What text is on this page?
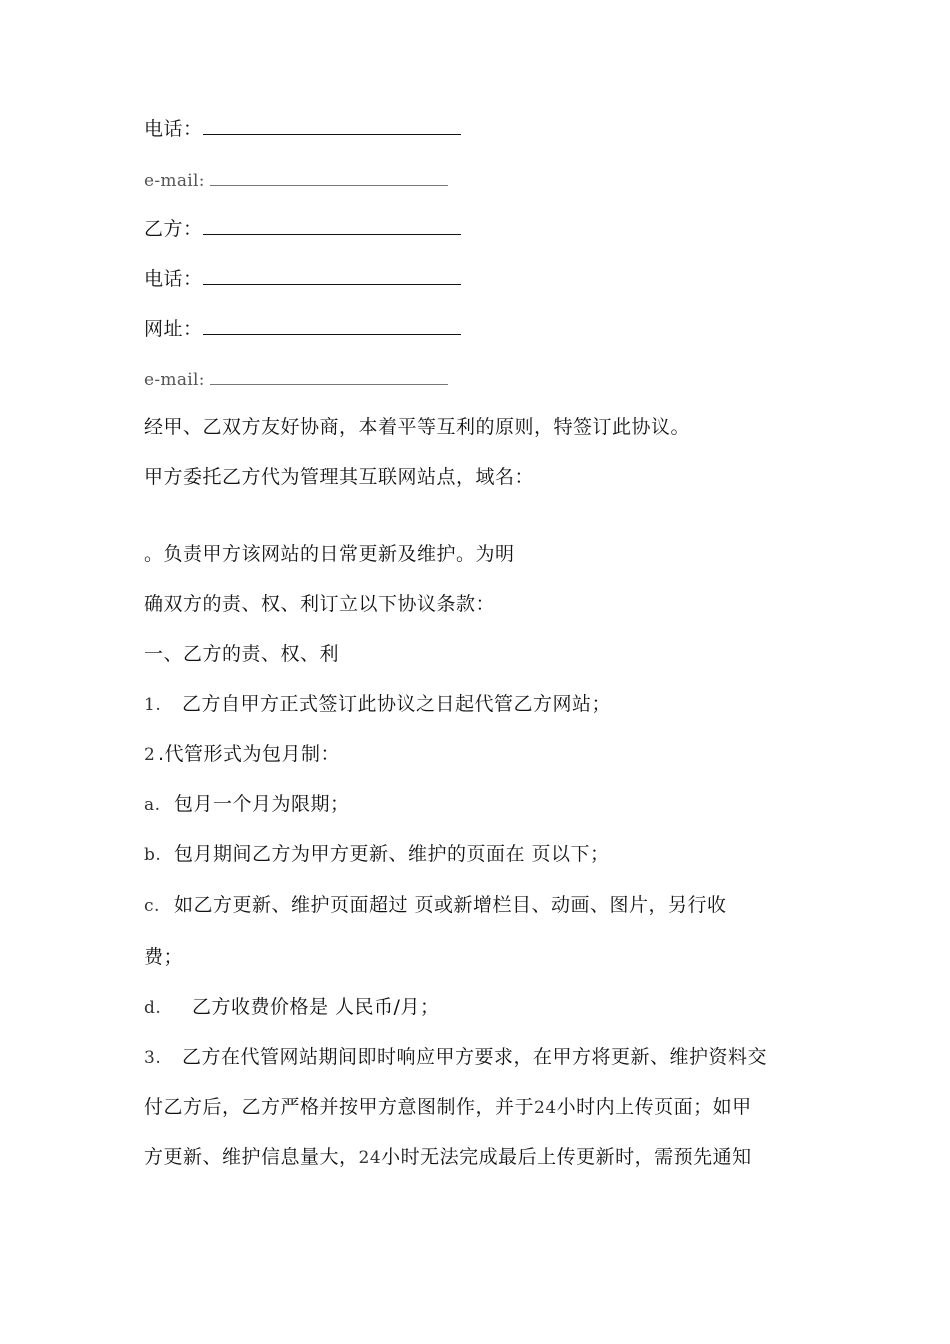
电话：
e-mail:
乙方：
电话：
网址：
e-mail:
经甲、乙双方友好协商，本着平等互利的原则，特签订此协议。
甲方委托乙方代为管理其互联网站点，域名：
。负责甲方该网站的日常更新及维护。为明
确双方的责、权、利订立以下协议条款：
一、乙方的责、权、利
1. 乙方自甲方正式签订此协议之日起代管乙方网站；
2 .代管形式为包月制：
a. 包月一个月为限期；
b. 包月期间乙方为甲方更新、维护的页面在 页以下；
c. 如乙方更新、维护页面超过 页或新增栏目、动画、图片，另行收
费；
d. 乙方收费价格是 人民币/月；
3. 乙方在代管网站期间即时响应甲方要求，在甲方将更新、维护资料交
付乙方后，乙方严格并按甲方意图制作，并于24小时内上传页面；如甲
方更新、维护信息量大，24小时无法完成最后上传更新时，需预先通知
